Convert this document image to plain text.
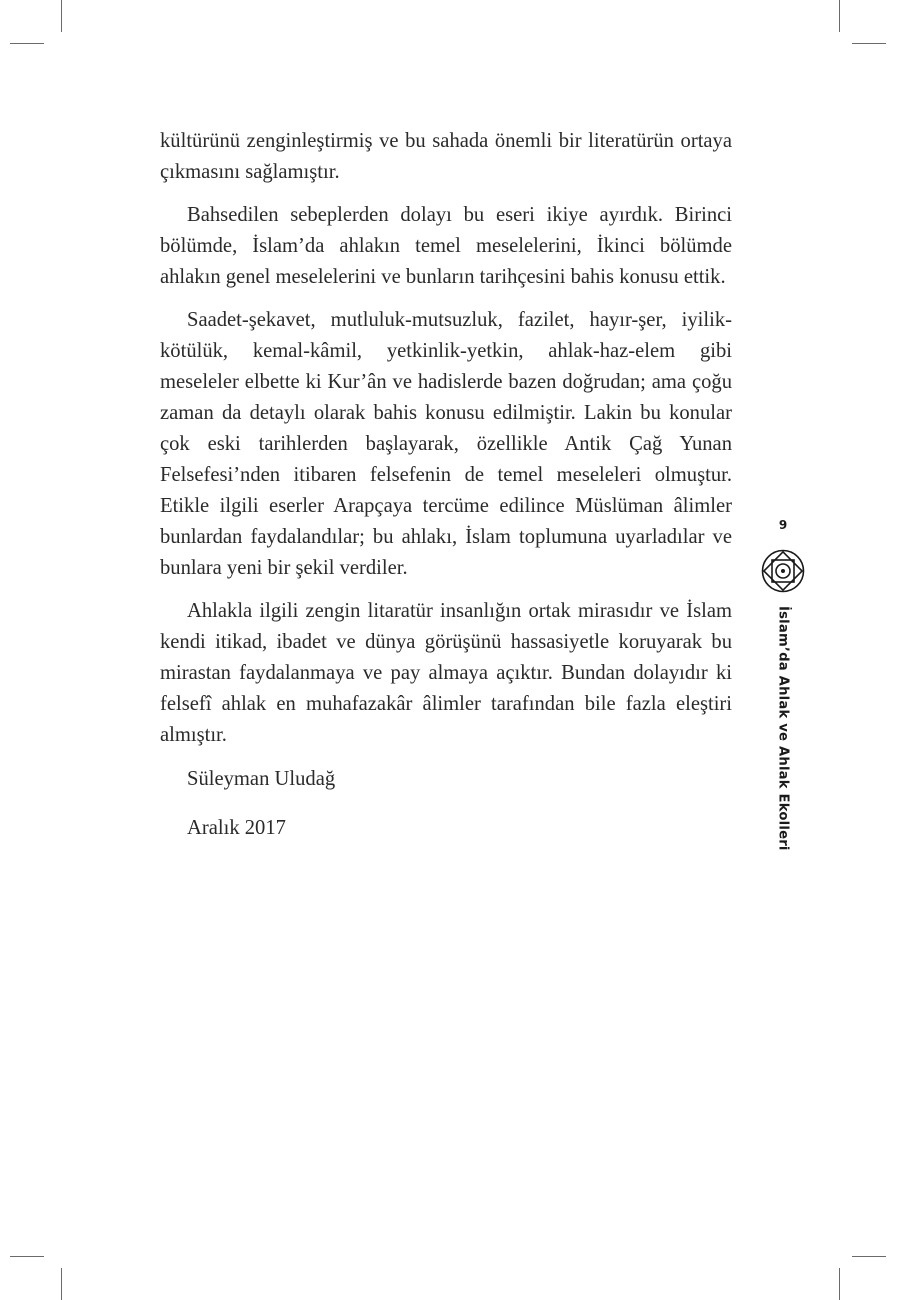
kültürünü zenginleştirmiş ve bu sahada önemli bir literatürün ortaya çıkmasını sağlamıştır.

Bahsedilen sebeplerden dolayı bu eseri ikiye ayırdık. Birinci bölümde, İslam’da ahlakın temel meselelerini, İkinci bölümde ahlakın genel meselelerini ve bunların tarihçesini bahis konusu ettik.

Saadet-şekavet, mutluluk-mutsuzluk, fazilet, hayır-şer, iyilik-kötülük, kemal-kâmil, yetkinlik-yetkin, ahlak-haz-elem gibi meseleler elbette ki Kur’ân ve hadislerde bazen doğrudan; ama çoğu zaman da detaylı olarak bahis konusu edilmiştir. Lakin bu konular çok eski tarihlerden başlayarak, özellikle Antik Çağ Yunan Felsefesi’nden itibaren felsefenin de temel meseleleri olmuştur. Etikle ilgili eserler Arapçaya tercüme edilince Müslüman âlimler bunlardan faydalandılar; bu ahlakı, İslam toplumuna uyarladılar ve bunlara yeni bir şekil verdiler.

Ahlakla ilgili zengin litaratür insanlığın ortak mirasıdır ve İslam kendi itikad, ibadet ve dünya görüşünü hassasiyetle koruyarak bu mirastan faydalanmaya ve pay almaya açıktır. Bundan dolayıdır ki felsefî ahlak en muhafazakâr âlimler tarafından bile fazla eleştiri almıştır.

Süleyman Uludağ

Aralık 2017

9
İslam’da Ahlak ve Ahlak Ekolleri
